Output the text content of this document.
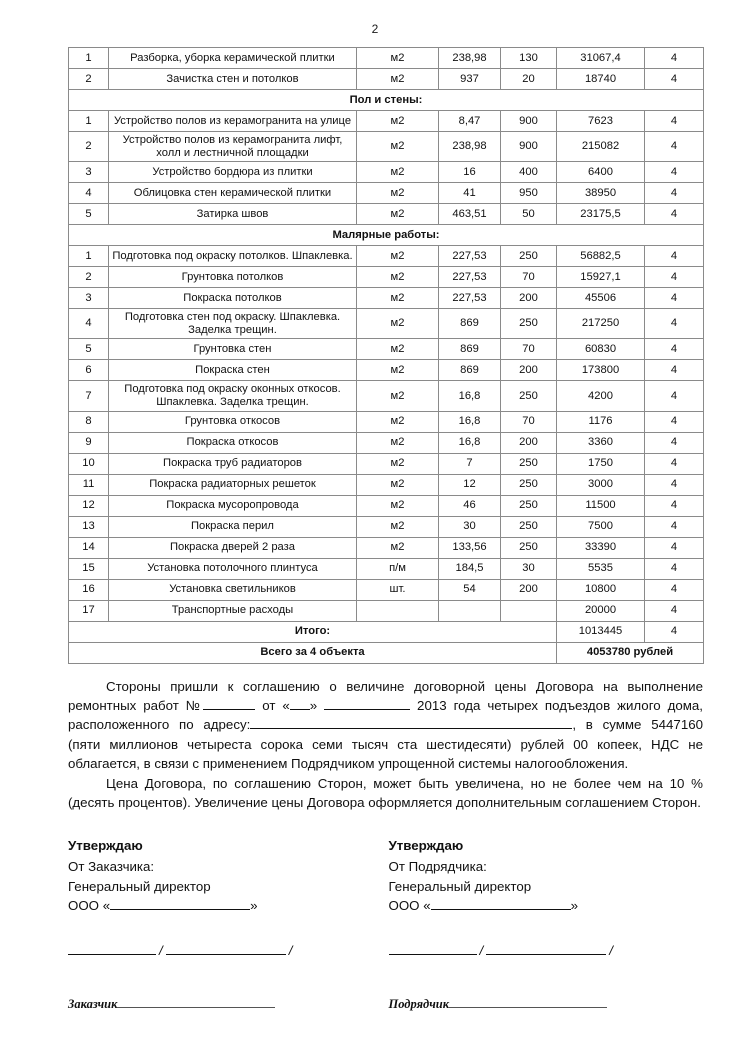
2
1	Разборка, уборка керамической плитки	м2	238,98	130	31067,4	4
2	Зачистка стен и потолков	м2	937	20	18740	4
Пол и стены:						
1	Устройство полов из керамогранита на улице	м2	8,47	900	7623	4
2	Устройство полов из керамогранита лифт, холл и лестничной площадки	м2	238,98	900	215082	4
3	Устройство бордюра из плитки	м2	16	400	6400	4
4	Облицовка стен керамической плитки	м2	41	950	38950	4
5	Затирка швов	м2	463,51	50	23175,5	4
Малярные работы:						
1	Подготовка под окраску потолков. Шпаклевка.	м2	227,53	250	56882,5	4
2	Грунтовка потолков	м2	227,53	70	15927,1	4
3	Покраска потолков	м2	227,53	200	45506	4
4	Подготовка стен под окраску. Шпаклевка. Заделка трещин.	м2	869	250	217250	4
5	Грунтовка стен	м2	869	70	60830	4
6	Покраска стен	м2	869	200	173800	4
7	Подготовка под окраску оконных откосов. Шпаклевка. Заделка трещин.	м2	16,8	250	4200	4
8	Грунтовка откосов	м2	16,8	70	1176	4
9	Покраска откосов	м2	16,8	200	3360	4
10	Покраска труб радиаторов	м2	7	250	1750	4
11	Покраска радиаторных решеток	м2	12	250	3000	4
12	Покраска мусоропровода	м2	46	250	11500	4
13	Покраска перил	м2	30	250	7500	4
14	Покраска дверей 2 раза	м2	133,56	250	33390	4
15	Установка потолочного плинтуса	п/м	184,5	30	5535	4
16	Установка светильников	шт.	54	200	10800	4
17	Транспортные расходы				20000	4
Итого:					1013445	4
Всего за 4 объекта					4053780 рублей	

Стороны пришли к соглашению о величине договорной цены Договора на выполнение ремонтных работ №	от « »	2013 года четырех подъездов жилого дома, расположенного по адресу:	, в сумме 5447160 (пяти миллионов четыреста сорока семи тысяч ста шестидесяти) рублей 00 копеек, НДС не облагается, в связи с применением Подрядчиком упрощенной системы налогообложения.

Цена Договора, по соглашению Сторон, может быть увеличена, но не более чем на 10 % (десять процентов). Увеличение цены Договора оформляется дополнительным соглашением Сторон.

Утверждаю
От Заказчика:
Генеральный директор
ООО «	»
Утверждаю
От Подрядчика:
Генеральный директор
ООО «	»
/	/	/	/
Заказчик	Подрядчик
